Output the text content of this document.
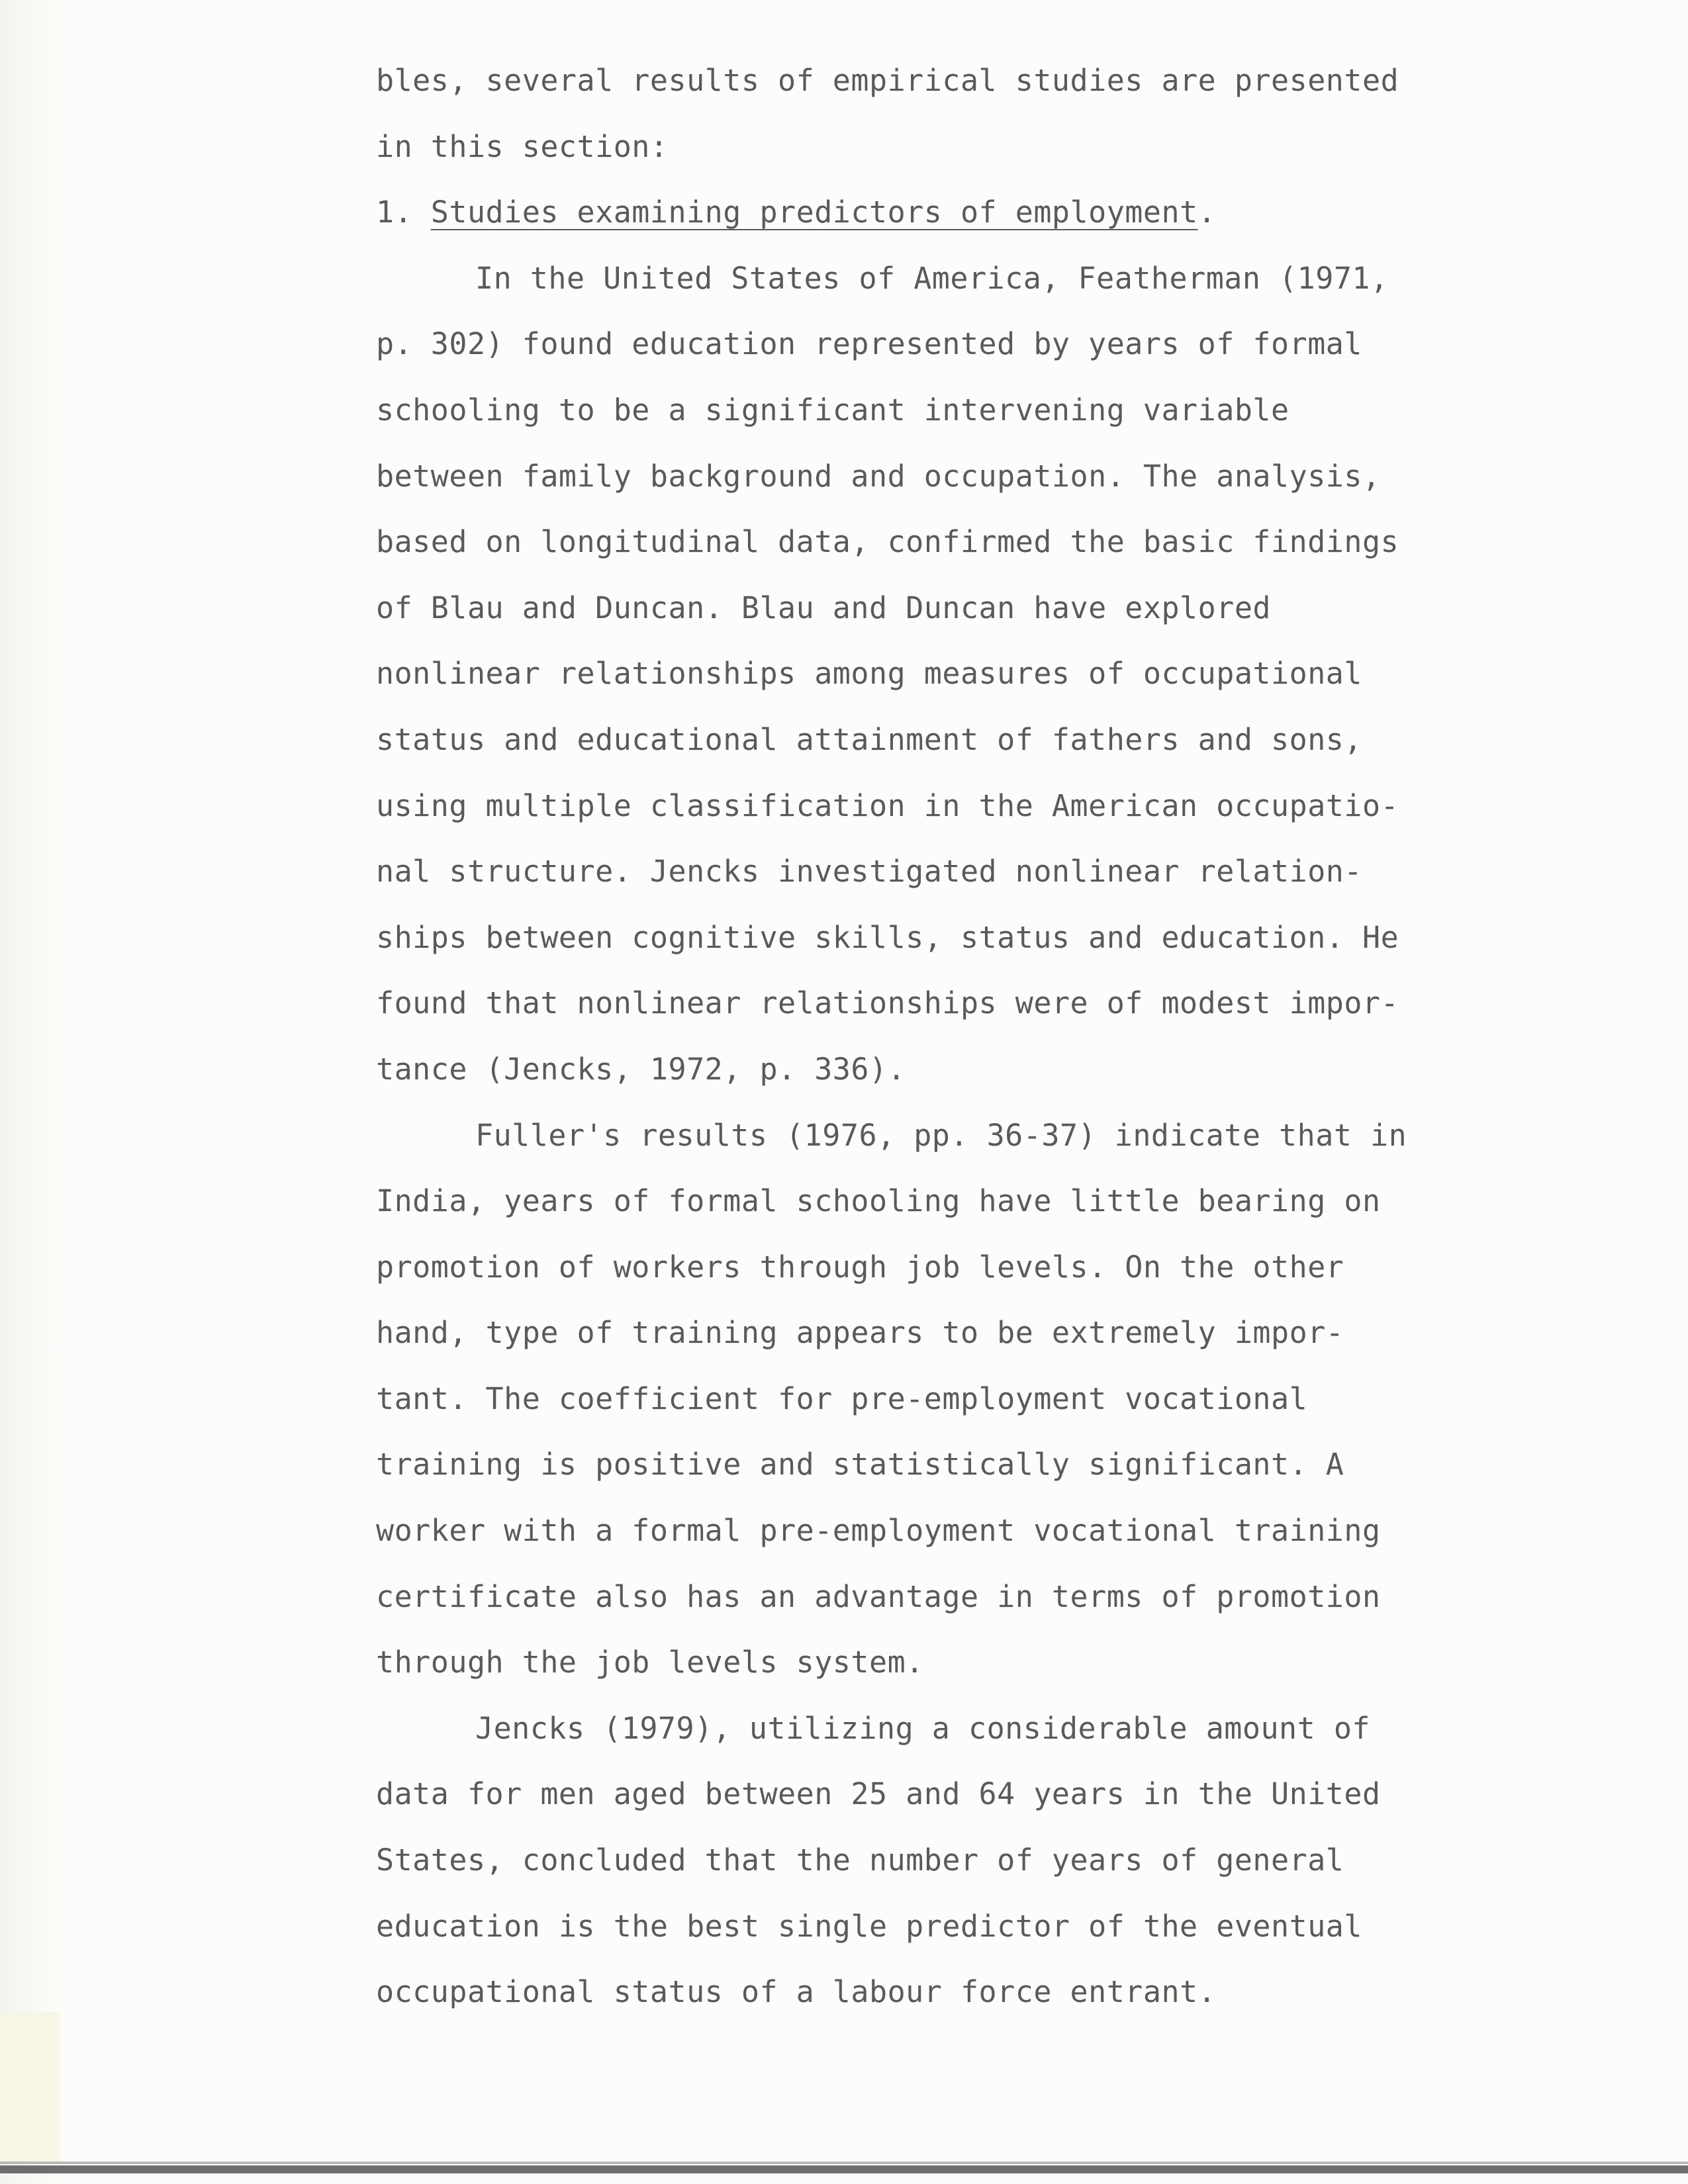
bles, several results of empirical studies are presented
in this section:
1. Studies examining predictors of employment.
In the United States of America, Featherman (1971,
p. 302) found education represented by years of formal
schooling to be a significant intervening variable
between family background and occupation. The analysis,
based on longitudinal data, confirmed the basic findings
of Blau and Duncan. Blau and Duncan have explored
nonlinear relationships among measures of occupational
status and educational attainment of fathers and sons,
using multiple classification in the American occupatio-
nal structure. Jencks investigated nonlinear relation-
ships between cognitive skills, status and education. He
found that nonlinear relationships were of modest impor-
tance (Jencks, 1972, p. 336).
Fuller's results (1976, pp. 36-37) indicate that in
India, years of formal schooling have little bearing on
promotion of workers through job levels. On the other
hand, type of training appears to be extremely impor-
tant. The coefficient for pre-employment vocational
training is positive and statistically significant. A
worker with a formal pre-employment vocational training
certificate also has an advantage in terms of promotion
through the job levels system.
Jencks (1979), utilizing a considerable amount of
data for men aged between 25 and 64 years in the United
States, concluded that the number of years of general
education is the best single predictor of the eventual
occupational status of a labour force entrant.
